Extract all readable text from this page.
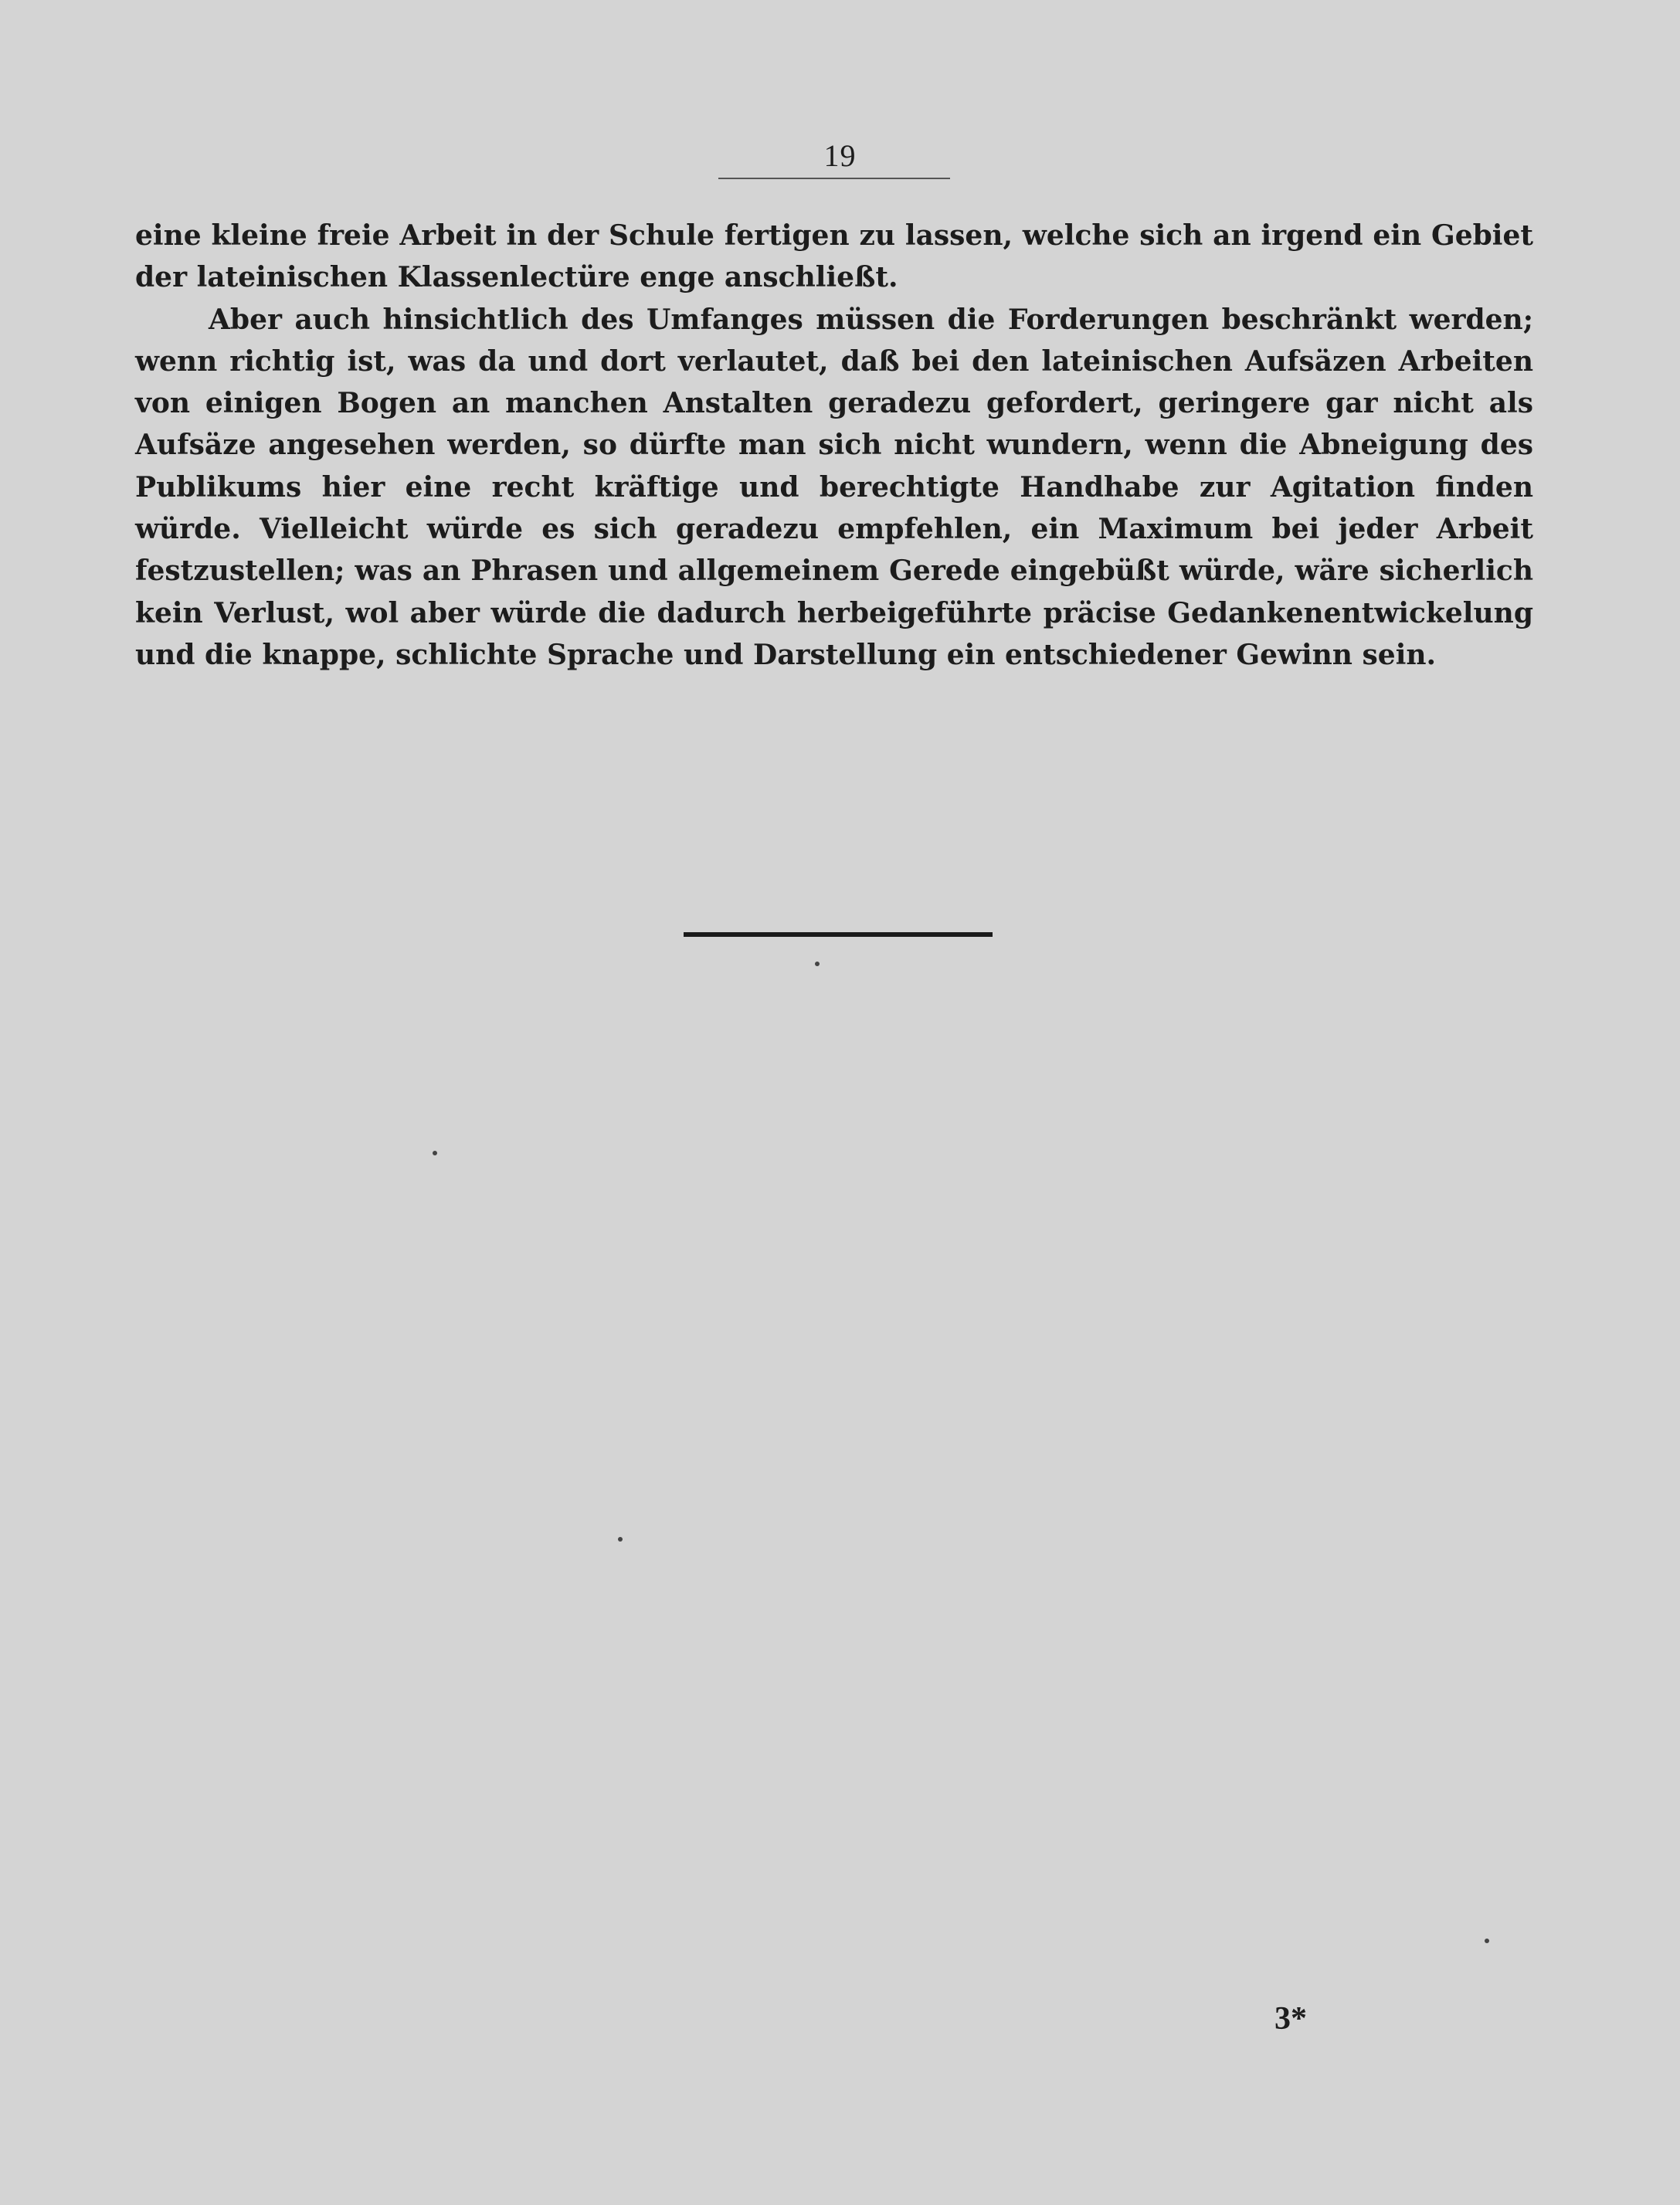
19

eine kleine freie Arbeit in der Schule fertigen zu lassen, welche sich an irgend ein Gebiet der lateinischen Klassenlectüre enge anschließt.

Aber auch hinsichtlich des Umfanges müssen die Forderungen beschränkt werden; wenn richtig ist, was da und dort verlautet, daß bei den lateinischen Aufsäzen Arbeiten von einigen Bogen an manchen Anstalten geradezu gefordert, geringere gar nicht als Aufsäze angesehen werden, so dürfte man sich nicht wundern, wenn die Abneigung des Publikums hier eine recht kräftige und berechtigte Handhabe zur Agitation finden würde. Vielleicht würde es sich geradezu empfehlen, ein Maximum bei jeder Arbeit festzustellen; was an Phrasen und allgemeinem Gerede eingebüßt würde, wäre sicherlich kein Verlust, wol aber würde die dadurch herbeigeführte präcise Gedankenentwickelung und die knappe, schlichte Sprache und Darstellung ein entschiedener Gewinn sein.

3*
